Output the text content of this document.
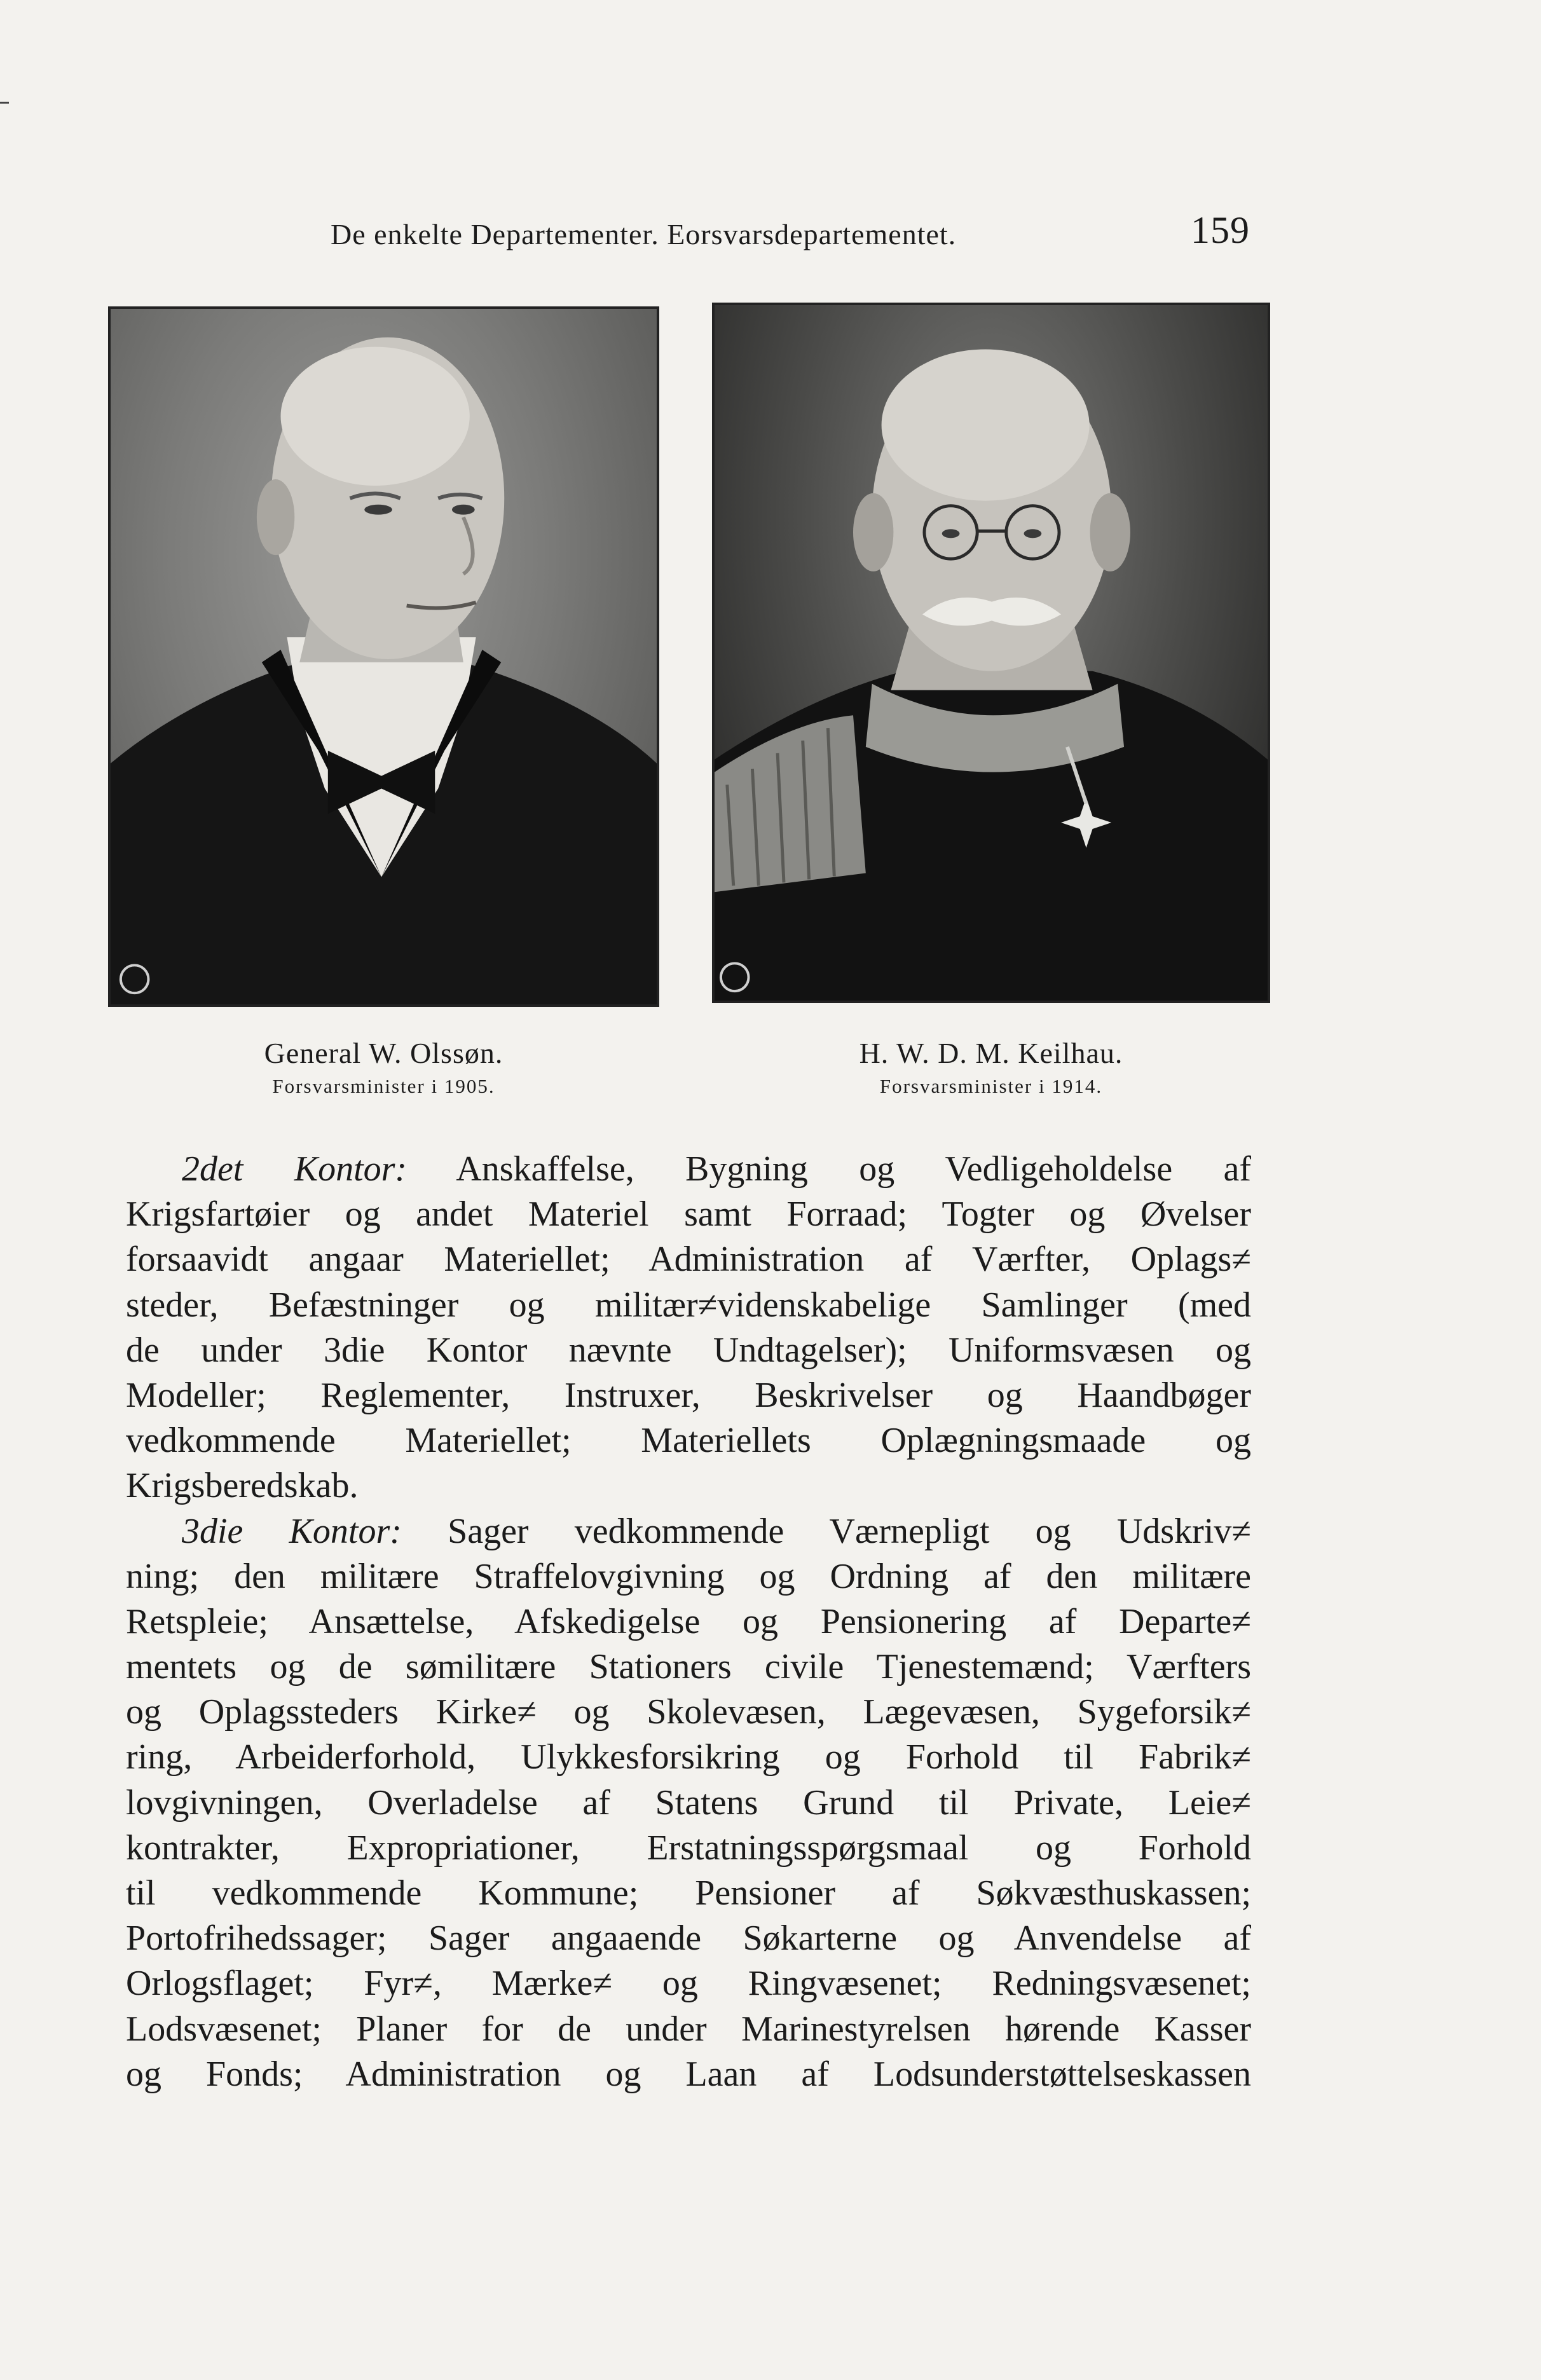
De enkelte Departementer. Eorsvarsdepartementet.	159
General W. Olssøn.
Forsvarsminister i 1905.
H. W. D. M. Keilhau.
Forsvarsminister i 1914.
2det Kontor: Anskaffelse, Bygning og Vedligeholdelse af
Krigsfartøier og andet Materiel samt Forraad; Togter og Øvelser
forsaavidt angaar Materiellet; Administration af Værfter, Oplags≠
steder, Befæstninger og militær≠videnskabelige Samlinger (med
de under 3die Kontor nævnte Undtagelser); Uniformsvæsen og
Modeller; Reglementer, Instruxer, Beskrivelser og Haandbøger
vedkommende Materiellet; Materiellets Oplægningsmaade og
Krigsberedskab.
3die Kontor: Sager vedkommende Værnepligt og Udskriv≠
ning; den militære Straffelovgivning og Ordning af den militære
Retspleie; Ansættelse, Afskedigelse og Pensionering af Departe≠
mentets og de sømilitære Stationers civile Tjenestemænd; Værfters
og Oplagssteders Kirke≠ og Skolevæsen, Lægevæsen, Sygeforsik≠
ring, Arbeiderforhold, Ulykkesforsikring og Forhold til Fabrik≠
lovgivningen, Overladelse af Statens Grund til Private, Leie≠
kontrakter, Expropriationer, Erstatningsspørgsmaal og Forhold
til vedkommende Kommune; Pensioner af Søkvæsthuskassen;
Portofrihedssager; Sager angaaende Søkarterne og Anvendelse af
Orlogsflaget; Fyr≠, Mærke≠ og Ringvæsenet; Redningsvæsenet;
Lodsvæsenet; Planer for de under Marinestyrelsen hørende Kasser
og Fonds; Administration og Laan af Lodsunderstøttelseskassen
